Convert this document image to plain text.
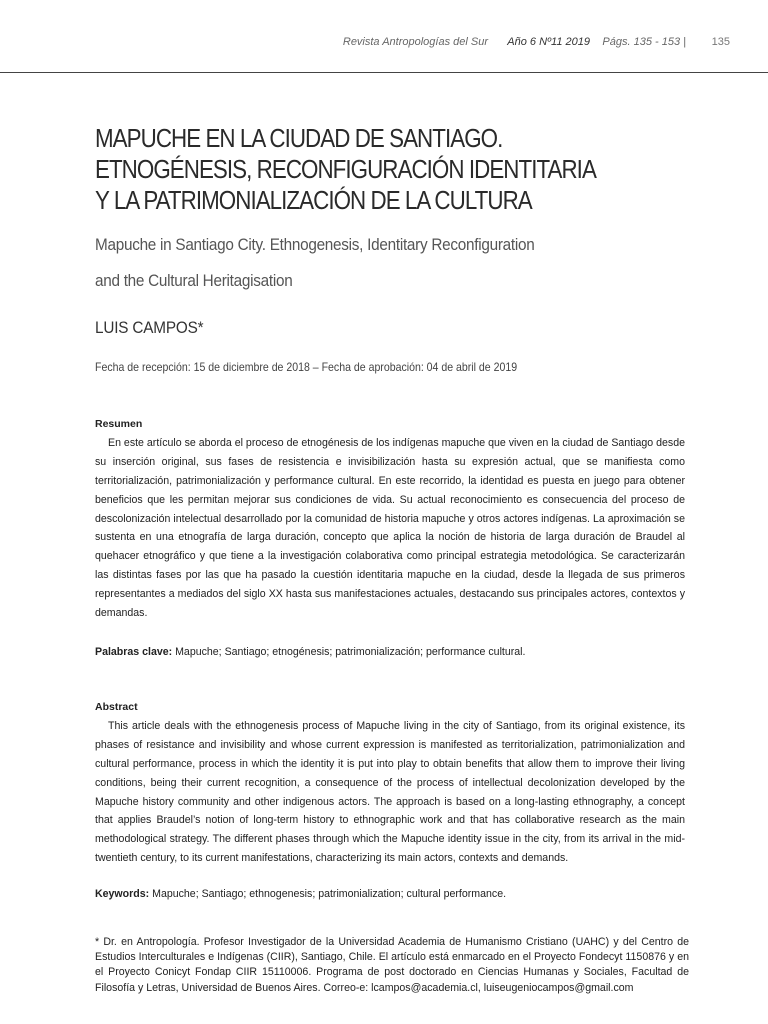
Revista Antropologías del Sur Año 6 Nº11 2019 Págs. 135 - 153 | 135
MAPUCHE EN LA CIUDAD DE SANTIAGO.
ETNOGÉNESIS, RECONFIGURACIÓN IDENTITARIA
Y LA PATRIMONIALIZACIÓN DE LA CULTURA
Mapuche in Santiago City. Ethnogenesis, Identitary Reconfiguration
and the Cultural Heritagisation
LUIS CAMPOS*
Fecha de recepción: 15 de diciembre de 2018 – Fecha de aprobación: 04 de abril de 2019
Resumen

En este artículo se aborda el proceso de etnogénesis de los indígenas mapuche que viven en la ciudad de Santiago desde su inserción original, sus fases de resistencia e invisibilización hasta su expresión actual, que se manifiesta como territorialización, patrimonialización y performance cultural. En este recorrido, la identidad es puesta en juego para obtener beneficios que les permitan mejorar sus condiciones de vida. Su actual reconocimiento es consecuencia del proceso de descolonización intelectual desarrollado por la comunidad de historia mapuche y otros actores indígenas. La aproximación se sustenta en una etnografía de larga duración, concepto que aplica la noción de historia de larga duración de Braudel al quehacer etnográfico y que tiene a la investigación colaborativa como principal estrategia metodológica. Se caracterizarán las distintas fases por las que ha pasado la cuestión identitaria mapuche en la ciudad, desde la llegada de sus primeros representantes a mediados del siglo XX hasta sus manifestaciones actuales, destacando sus principales actores, contextos y demandas.

Palabras clave: Mapuche; Santiago; etnogénesis; patrimonialización; performance cultural.
Abstract

This article deals with the ethnogenesis process of Mapuche living in the city of Santiago, from its original existence, its phases of resistance and invisibility and whose current expression is manifested as territorialization, patrimonialization and cultural performance, process in which the identity it is put into play to obtain benefits that allow them to improve their living conditions, being their current recognition, a consequence of the process of intellectual decolonization developed by the Mapuche history community and other indigenous actors. The approach is based on a long-lasting ethnography, a concept that applies Braudel’s notion of long-term history to ethnographic work and that has collaborative research as the main methodological strategy. The different phases through which the Mapuche identity issue in the city, from its arrival in the mid-twentieth century, to its current manifestations, characterizing its main actors, contexts and demands.

Keywords: Mapuche; Santiago; ethnogenesis; patrimonialization; cultural performance.
* Dr. en Antropología. Profesor Investigador de la Universidad Academia de Humanismo Cristiano (UAHC) y del Centro de Estudios Interculturales e Indígenas (CIIR), Santiago, Chile. El artículo está enmarcado en el Proyecto Fondecyt 1150876 y en el Proyecto Conicyt Fondap CIIR 15110006. Programa de post doctorado en Ciencias Humanas y Sociales, Facultad de Filosofía y Letras, Universidad de Buenos Aires. Correo-e: lcampos@academia.cl, luiseugeniocampos@gmail.com
